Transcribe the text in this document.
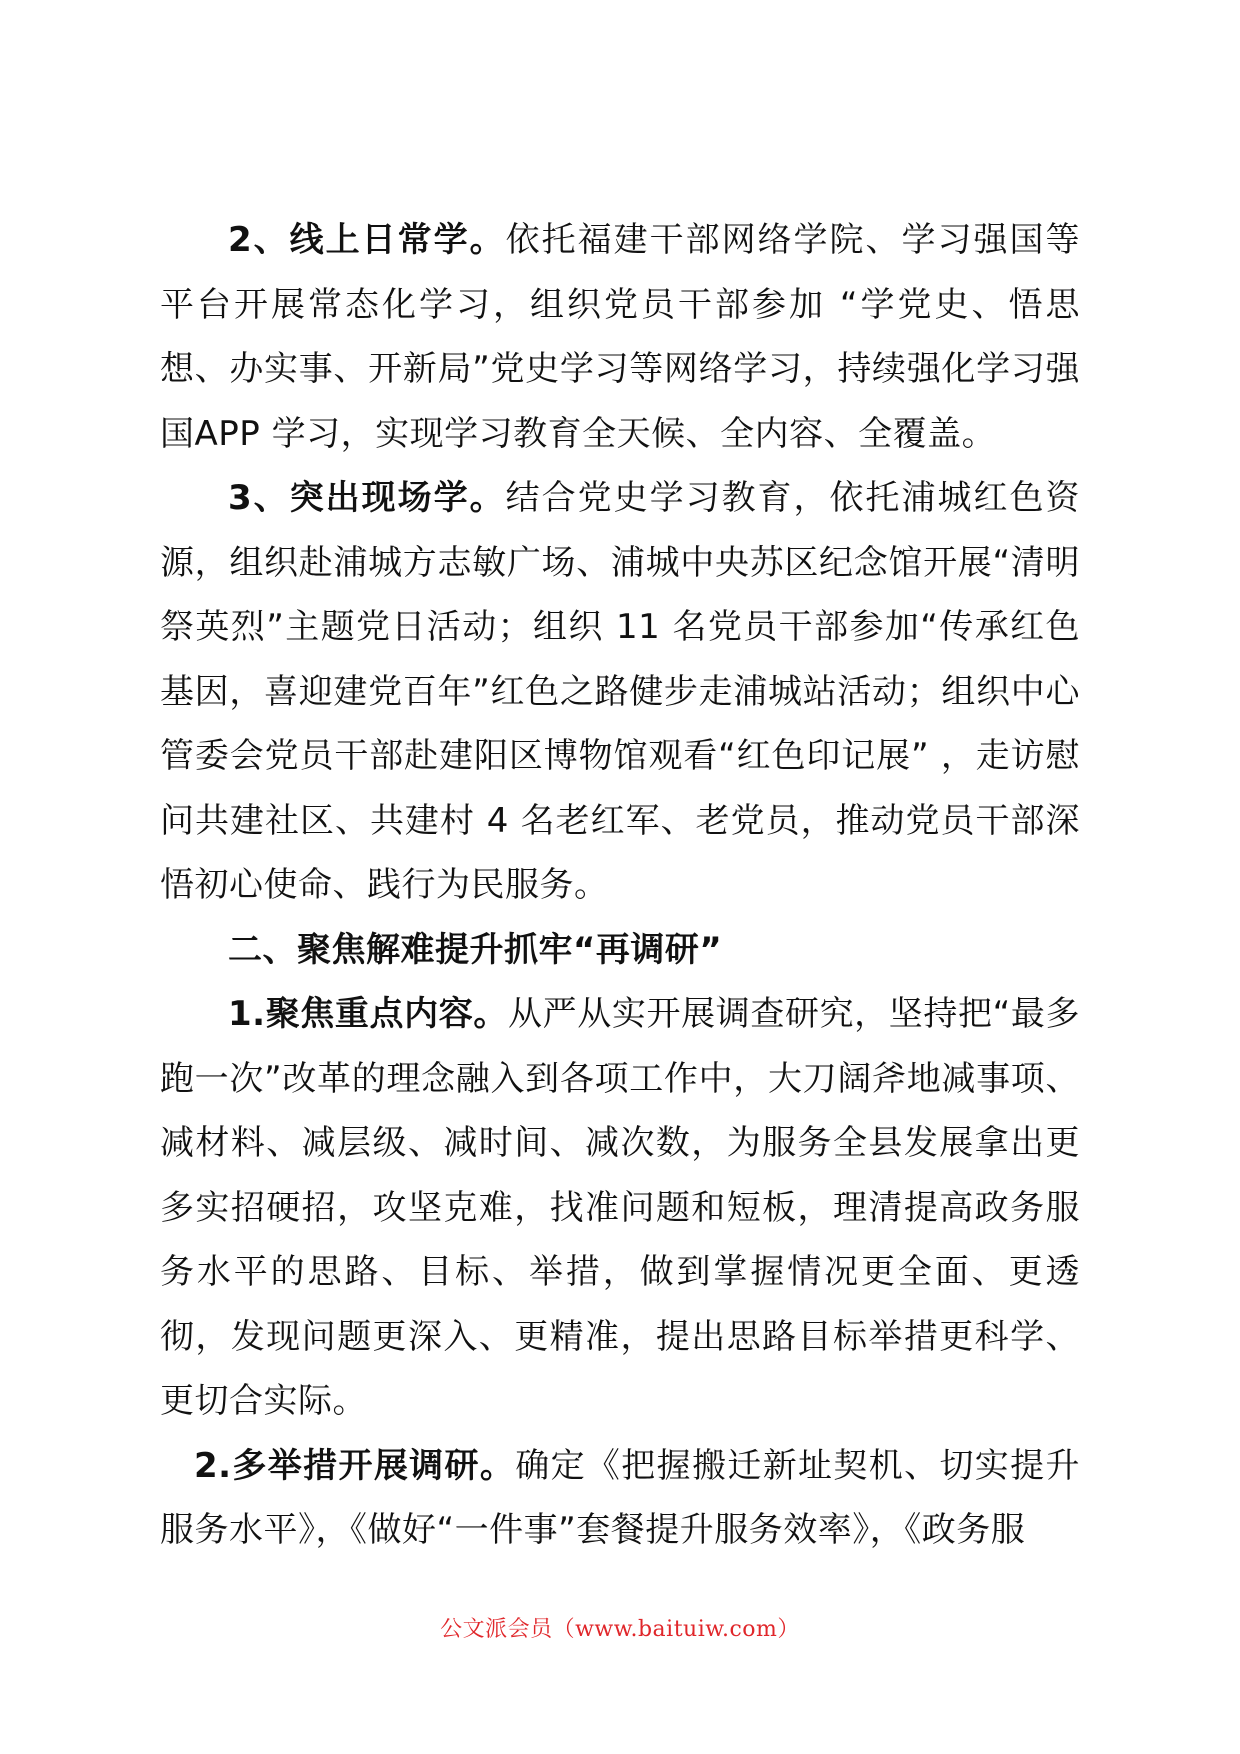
2、线上日常学。依托福建干部网络学院、学习强国等平台开展常态化学习，组织党员干部参加 “学党史、悟思想、办实事、开新局”党史学习等网络学习，持续强化学习强国APP 学习，实现学习教育全天候、全内容、全覆盖。

3、突出现场学。结合党史学习教育，依托浦城红色资源，组织赴浦城方志敏广场、浦城中央苏区纪念馆开展“清明祭英烈”主题党日活动；组织 11 名党员干部参加“传承红色基因，喜迎建党百年”红色之路健步走浦城站活动；组织中心管委会党员干部赴建阳区博物馆观看“红色印记展” ，走访慰问共建社区、共建村 4 名老红军、老党员，推动党员干部深悟初心使命、践行为民服务。

二、聚焦解难提升抓牢“再调研”

1.聚焦重点内容。从严从实开展调查研究，坚持把“最多跑一次”改革的理念融入到各项工作中，大刀阔斧地减事项、减材料、减层级、减时间、减次数，为服务全县发展拿出更多实招硬招，攻坚克难，找准问题和短板，理清提高政务服务水平的思路、目标、举措，做到掌握情况更全面、更透彻，发现问题更深入、更精准，提出思路目标举措更科学、更切合实际。

2.多举措开展调研。确定《把握搬迁新址契机、切实提升服务水平》，《做好“一件事”套餐提升服务效率》，《政务服

公文派会员（www.baituiw.com）
